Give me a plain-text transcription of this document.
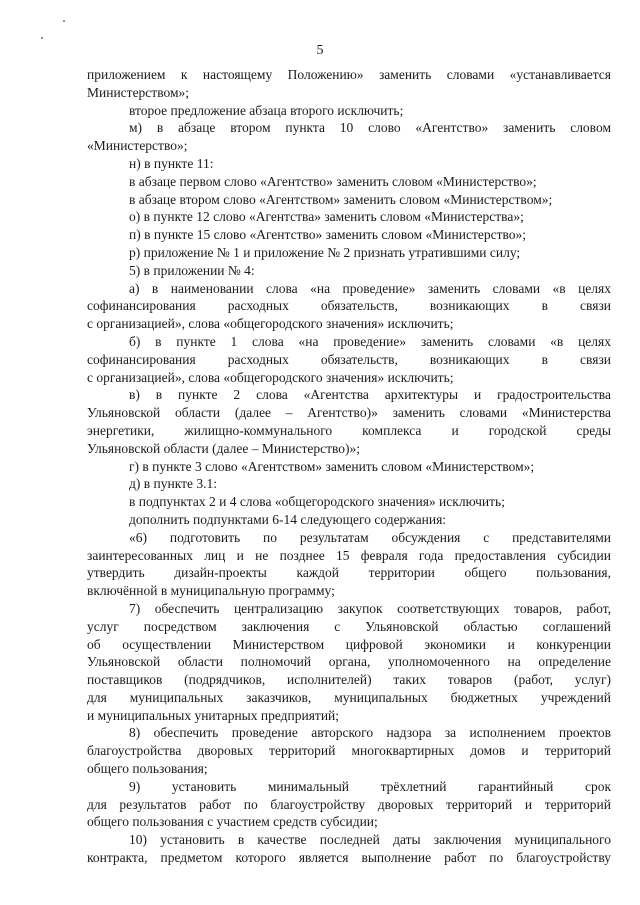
5

приложением к настоящему Положению» заменить словами «устанавливается

Министерством»;

второе предложение абзаца второго исключить;

м) в абзаце втором пункта 10 слово «Агентство» заменить словом

«Министерство»;

н) в пункте 11:

в абзаце первом слово «Агентство» заменить словом «Министерство»;

в абзаце втором слово «Агентством» заменить словом «Министерством»;

о) в пункте 12 слово «Агентства» заменить словом «Министерства»;

п) в пункте 15 слово «Агентство» заменить словом «Министерство»;

р) приложение № 1 и приложение № 2 признать утратившими силу;

5) в приложении № 4:

а) в наименовании слова «на проведение» заменить словами «в целях

софинансирования расходных обязательств, возникающих в связи

с организацией», слова «общегородского значения» исключить;

б) в пункте 1 слова «на проведение» заменить словами «в целях

софинансирования расходных обязательств, возникающих в связи

с организацией», слова «общегородского значения» исключить;

в) в пункте 2 слова «Агентства архитектуры и градостроительства

Ульяновской области (далее – Агентство)» заменить словами «Министерства

энергетики, жилищно-коммунального комплекса и городской среды

Ульяновской области (далее – Министерство)»;

г) в пункте 3 слово «Агентством» заменить словом «Министерством»;

д) в пункте 3.1:

в подпунктах 2 и 4 слова «общегородского значения» исключить;

дополнить подпунктами 6-14 следующего содержания:

«6) подготовить по результатам обсуждения с представителями

заинтересованных лиц и не позднее 15 февраля года предоставления субсидии

утвердить дизайн-проекты каждой территории общего пользования,

включённой в муниципальную программу;

7) обеспечить централизацию закупок соответствующих товаров, работ,

услуг посредством заключения с Ульяновской областью соглашений

об осуществлении Министерством цифровой экономики и конкуренции

Ульяновской области полномочий органа, уполномоченного на определение

поставщиков (подрядчиков, исполнителей) таких товаров (работ, услуг)

для муниципальных заказчиков, муниципальных бюджетных учреждений

и муниципальных унитарных предприятий;

8) обеспечить проведение авторского надзора за исполнением проектов

благоустройства дворовых территорий многоквартирных домов и территорий

общего пользования;

9) установить минимальный трёхлетний гарантийный срок

для результатов работ по благоустройству дворовых территорий и территорий

общего пользования с участием средств субсидии;

10) установить в качестве последней даты заключения муниципального

контракта, предметом которого является выполнение работ по благоустройству
